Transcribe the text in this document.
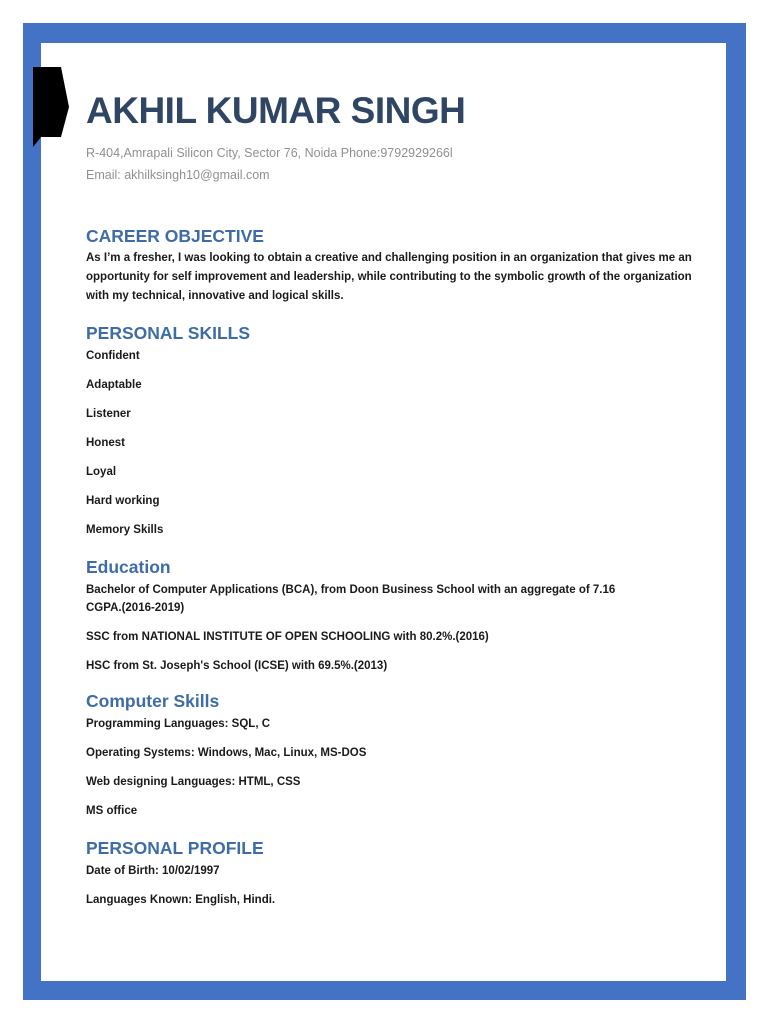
AKHIL KUMAR SINGH
R-404,Amrapali Silicon City, Sector 76, Noida Phone:9792929266l
Email: akhilksingh10@gmail.com
CAREER OBJECTIVE
As I’m a fresher, I was looking to obtain a creative and challenging position in an organization that gives me an opportunity for self improvement and leadership, while contributing to the symbolic growth of the organization with my technical, innovative and logical skills.
PERSONAL SKILLS
Confident
Adaptable
Listener
Honest
Loyal
Hard working
Memory Skills
Education
Bachelor of Computer Applications (BCA), from Doon Business School with an aggregate of 7.16 CGPA.(2016-2019)
SSC from NATIONAL INSTITUTE OF OPEN SCHOOLING with 80.2%.(2016)
HSC from St. Joseph's School (ICSE) with 69.5%.(2013)
Computer Skills
Programming Languages: SQL, C
Operating Systems: Windows, Mac, Linux, MS-DOS
Web designing Languages: HTML, CSS
MS office
PERSONAL PROFILE
Date of Birth: 10/02/1997
Languages Known: English, Hindi.
